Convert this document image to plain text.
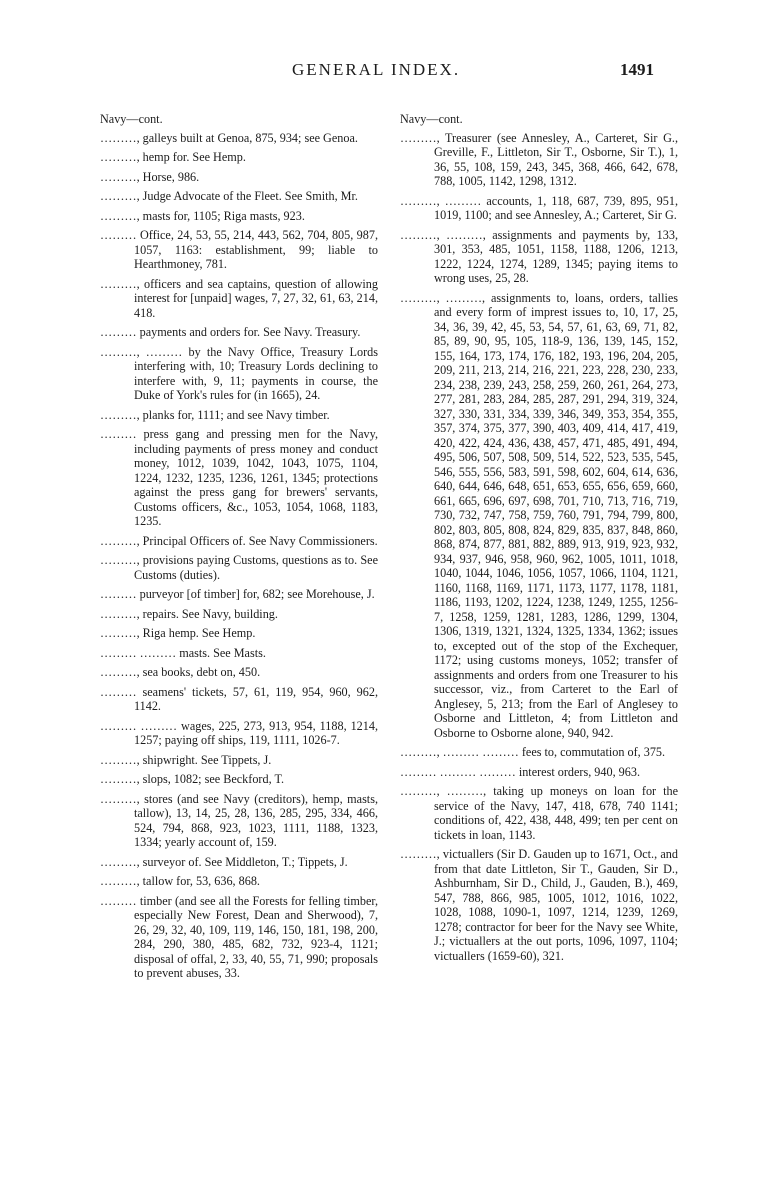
GENERAL INDEX.	1491

Navy—cont.

………, galleys built at Genoa, 875, 934; see Genoa.

………, hemp for. See Hemp.

………, Horse, 986.

………, Judge Advocate of the Fleet. See Smith, Mr.

………, masts for, 1105; Riga masts, 923.

……… Office, 24, 53, 55, 214, 443, 562, 704, 805, 987, 1057, 1163: establishment, 99; liable to Hearthmoney, 781.

………, officers and sea captains, question of allowing interest for [unpaid] wages, 7, 27, 32, 61, 63, 214, 418.

……… payments and orders for. See Navy. Treasury.

………, ……… by the Navy Office, Treasury Lords interfering with, 10; Treasury Lords declining to interfere with, 9, 11; payments in course, the Duke of York's rules for (in 1665), 24.

………, planks for, 1111; and see Navy timber.

……… press gang and pressing men for the Navy, including payments of press money and conduct money, 1012, 1039, 1042, 1043, 1075, 1104, 1224, 1232, 1235, 1236, 1261, 1345; protections against the press gang for brewers' servants, Customs officers, &c., 1053, 1054, 1068, 1183, 1235.

………, Principal Officers of. See Navy Commissioners.

………, provisions paying Customs, questions as to. See Customs (duties).

……… purveyor [of timber] for, 682; see Morehouse, J.

………, repairs. See Navy, building.

………, Riga hemp. See Hemp.

……… ……… masts. See Masts.

………, sea books, debt on, 450.

……… seamens' tickets, 57, 61, 119, 954, 960, 962, 1142.

……… ……… wages, 225, 273, 913, 954, 1188, 1214, 1257; paying off ships, 119, 1111, 1026-7.

………, shipwright. See Tippets, J.

………, slops, 1082; see Beckford, T.

………, stores (and see Navy (creditors), hemp, masts, tallow), 13, 14, 25, 28, 136, 285, 295, 334, 466, 524, 794, 868, 923, 1023, 1111, 1188, 1323, 1334; yearly account of, 159.

………, surveyor of. See Middleton, T.; Tippets, J.

………, tallow for, 53, 636, 868.

……… timber (and see all the Forests for felling timber, especially New Forest, Dean and Sherwood), 7, 26, 29, 32, 40, 109, 119, 146, 150, 181, 198, 200, 284, 290, 380, 485, 682, 732, 923-4, 1121; disposal of offal, 2, 33, 40, 55, 71, 990; proposals to prevent abuses, 33.

Navy—cont.

………, Treasurer (see Annesley, A., Carteret, Sir G., Greville, F., Littleton, Sir T., Osborne, Sir T.), 1, 36, 55, 108, 159, 243, 345, 368, 466, 642, 678, 788, 1005, 1142, 1298, 1312.

………, ……… accounts, 1, 118, 687, 739, 895, 951, 1019, 1100; and see Annesley, A.; Carteret, Sir G.

………, ………, assignments and payments by, 133, 301, 353, 485, 1051, 1158, 1188, 1206, 1213, 1222, 1224, 1274, 1289, 1345; paying items to wrong uses, 25, 28.

………, ………, assignments to, loans, orders, tallies and every form of imprest issues to, 10, 17, 25, 34, 36, 39, 42, 45, 53, 54, 57, 61, 63, 69, 71, 82, 85, 89, 90, 95, 105, 118-9, 136, 139, 145, 152, 155, 164, 173, 174, 176, 182, 193, 196, 204, 205, 209, 211, 213, 214, 216, 221, 223, 228, 230, 233, 234, 238, 239, 243, 258, 259, 260, 261, 264, 273, 277, 281, 283, 284, 285, 287, 291, 294, 319, 324, 327, 330, 331, 334, 339, 346, 349, 353, 354, 355, 357, 374, 375, 377, 390, 403, 409, 414, 417, 419, 420, 422, 424, 436, 438, 457, 471, 485, 491, 494, 495, 506, 507, 508, 509, 514, 522, 523, 535, 545, 546, 555, 556, 583, 591, 598, 602, 604, 614, 636, 640, 644, 646, 648, 651, 653, 655, 656, 659, 660, 661, 665, 696, 697, 698, 701, 710, 713, 716, 719, 730, 732, 747, 758, 759, 760, 791, 794, 799, 800, 802, 803, 805, 808, 824, 829, 835, 837, 848, 860, 868, 874, 877, 881, 882, 889, 913, 919, 923, 932, 934, 937, 946, 958, 960, 962, 1005, 1011, 1018, 1040, 1044, 1046, 1056, 1057, 1066, 1104, 1121, 1160, 1168, 1169, 1171, 1173, 1177, 1178, 1181, 1186, 1193, 1202, 1224, 1238, 1249, 1255, 1256-7, 1258, 1259, 1281, 1283, 1286, 1299, 1304, 1306, 1319, 1321, 1324, 1325, 1334, 1362; issues to, excepted out of the stop of the Exchequer, 1172; using customs moneys, 1052; transfer of assignments and orders from one Treasurer to his successor, viz., from Carteret to the Earl of Anglesey, 5, 213; from the Earl of Anglesey to Osborne and Littleton, 4; from Littleton and Osborne to Osborne alone, 940, 942.

………, ……… ……… fees to, commutation of, 375.

……… ……… ……… interest orders, 940, 963.

………, ………, taking up moneys on loan for the service of the Navy, 147, 418, 678, 740 1141; conditions of, 422, 438, 448, 499; ten per cent on tickets in loan, 1143.

………, victuallers (Sir D. Gauden up to 1671, Oct., and from that date Littleton, Sir T., Gauden, Sir D., Ashburnham, Sir D., Child, J., Gauden, B.), 469, 547, 788, 866, 985, 1005, 1012, 1016, 1022, 1028, 1088, 1090-1, 1097, 1214, 1239, 1269, 1278; contractor for beer for the Navy see White, J.; victuallers at the out ports, 1096, 1097, 1104; victuallers (1659-60), 321.
